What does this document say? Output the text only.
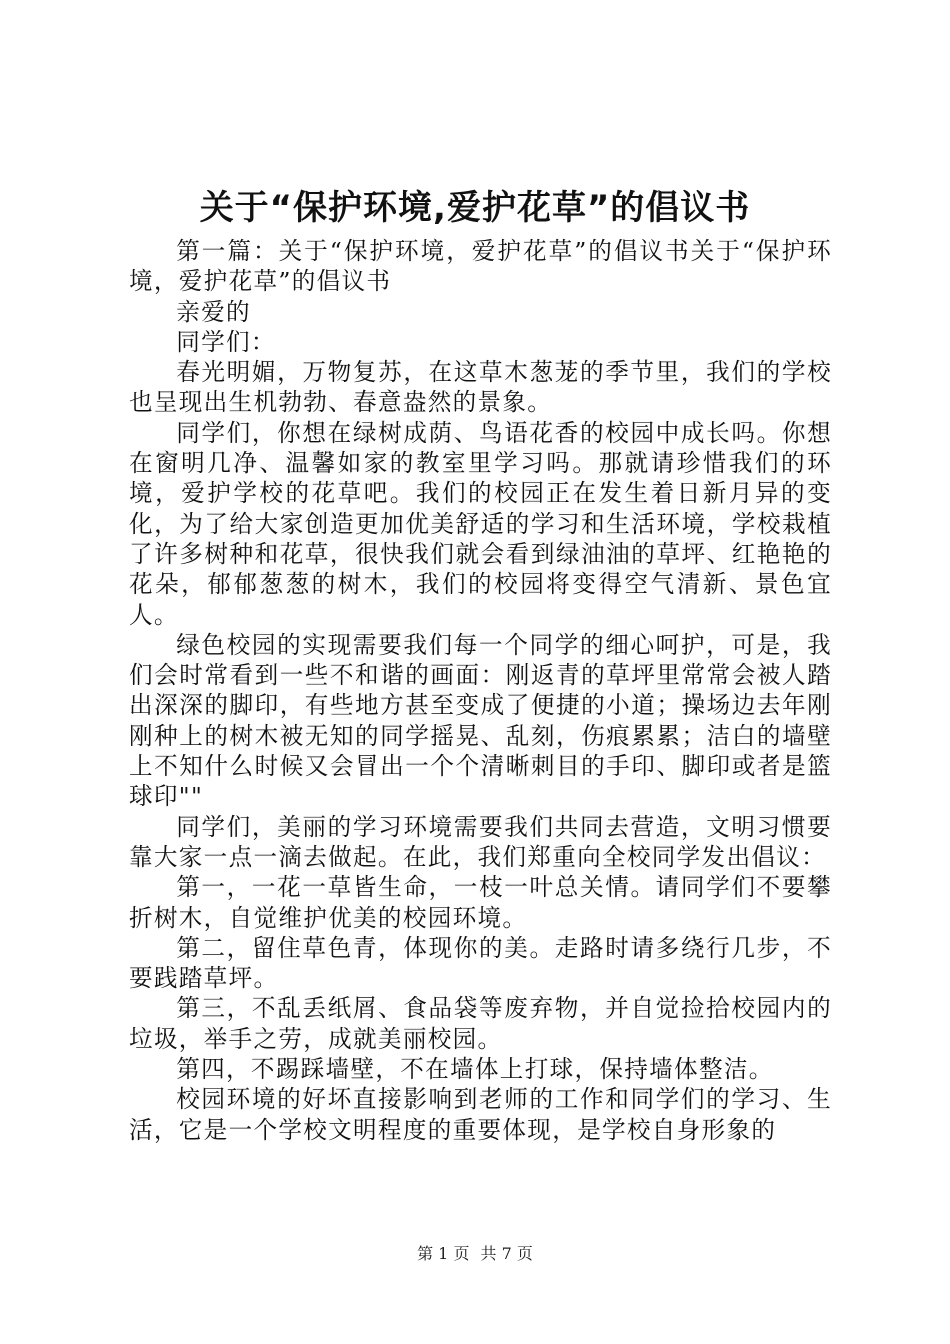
关于“保护环境,爱护花草”的倡议书

第一篇：关于“保护环境，爱护花草”的倡议书关于“保护环境，爱护花草”的倡议书

亲爱的

同学们：

春光明媚，万物复苏，在这草木葱茏的季节里，我们的学校也呈现出生机勃勃、春意盎然的景象。

同学们，你想在绿树成荫、鸟语花香的校园中成长吗。你想在窗明几净、温馨如家的教室里学习吗。那就请珍惜我们的环境，爱护学校的花草吧。我们的校园正在发生着日新月异的变化，为了给大家创造更加优美舒适的学习和生活环境，学校栽植了许多树种和花草，很快我们就会看到绿油油的草坪、红艳艳的花朵，郁郁葱葱的树木，我们的校园将变得空气清新、景色宜人。

绿色校园的实现需要我们每一个同学的细心呵护，可是，我们会时常看到一些不和谐的画面：刚返青的草坪里常常会被人踏出深深的脚印，有些地方甚至变成了便捷的小道；操场边去年刚刚种上的树木被无知的同学摇晃、乱刻，伤痕累累；洁白的墙壁上不知什么时候又会冒出一个个清晰刺目的手印、脚印或者是篮球印""

同学们，美丽的学习环境需要我们共同去营造，文明习惯要靠大家一点一滴去做起。在此，我们郑重向全校同学发出倡议：

第一，一花一草皆生命，一枝一叶总关情。请同学们不要攀折树木，自觉维护优美的校园环境。

第二，留住草色青，体现你的美。走路时请多绕行几步，不要践踏草坪。

第三，不乱丢纸屑、食品袋等废弃物，并自觉捡拾校园内的垃圾，举手之劳，成就美丽校园。

第四，不踢踩墙壁，不在墙体上打球，保持墙体整洁。

校园环境的好坏直接影响到老师的工作和同学们的学习、生活，它是一个学校文明程度的重要体现，是学校自身形象的

第 1 页 共 7 页
